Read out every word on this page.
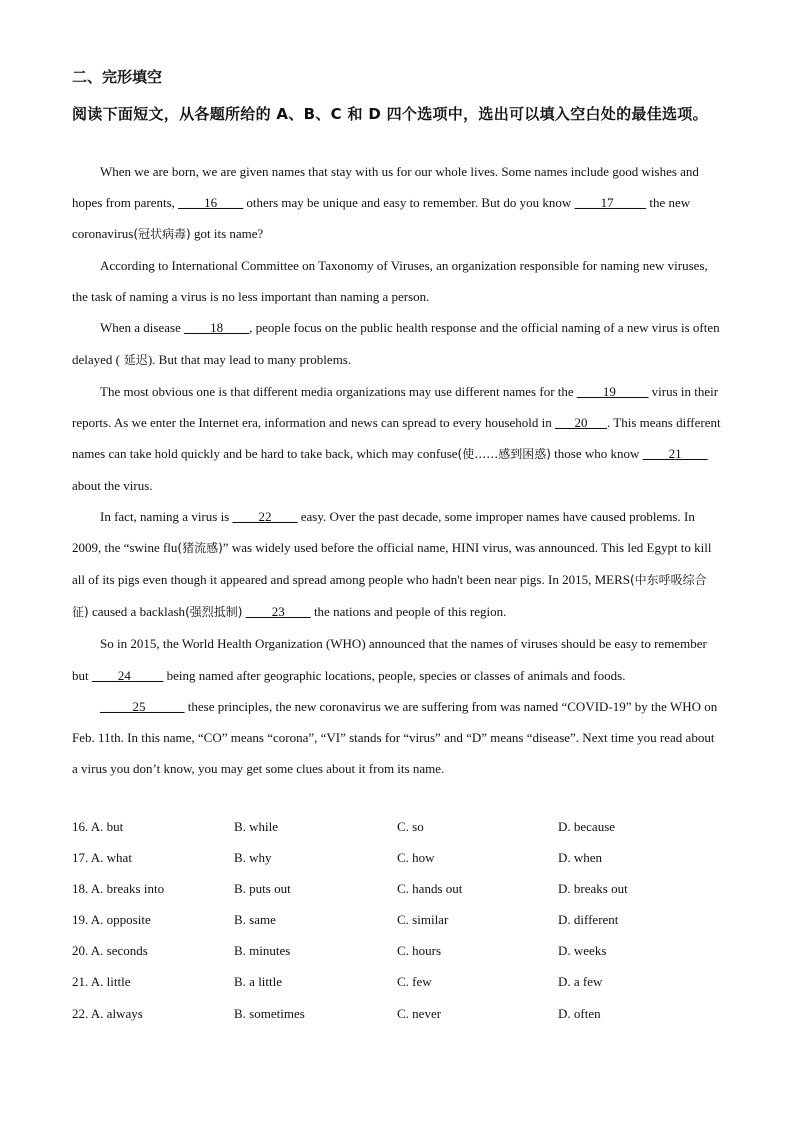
二、完形填空
阅读下面短文，从各题所给的 A、B、C 和 D 四个选项中，选出可以填入空白处的最佳选项。

When we are born, we are given names that stay with us for our whole lives. Some names include good wishes and hopes from parents, ____16____ others may be unique and easy to remember. But do you know ____17_____ the new coronavirus(冠状病毒) got its name?

According to International Committee on Taxonomy of Viruses, an organization responsible for naming new viruses, the task of naming a virus is no less important than naming a person.

When a disease ____18____, people focus on the public health response and the official naming of a new virus is often delayed ( 延迟). But that may lead to many problems.

The most obvious one is that different media organizations may use different names for the ____19_____ virus in their reports. As we enter the Internet era, information and news can spread to every household in ___20___. This means different names can take hold quickly and be hard to take back, which may confuse(使……感到困惑) those who know ____21____ about the virus.

In fact, naming a virus is ____22____ easy. Over the past decade, some improper names have caused problems. In 2009, the “swine flu(猪流感)” was widely used before the official name, HINI virus, was announced. This led Egypt to kill all of its pigs even though it appeared and spread among people who hadn't been near pigs. In 2015, MERS(中东呼吸综合征) caused a backlash(强烈抵制) ____23____ the nations and people of this region.

So in 2015, the World Health Organization (WHO) announced that the names of viruses should be easy to remember but ____24_____ being named after geographic locations, people, species or classes of animals and foods.

_____25______ these principles, the new coronavirus we are suffering from was named “COVID-19” by the WHO on Feb. 11th. In this name, “CO” means “corona”, “VI” stands for “virus” and “D” means “disease”. Next time you read about a virus you don’t know, you may get some clues about it from its name.

16. A. but	B. while	C. so	D. because
17. A. what	B. why	C. how	D. when
18. A. breaks into	B. puts out	C. hands out	D. breaks out
19. A. opposite	B. same	C. similar	D. different
20. A. seconds	B. minutes	C. hours	D. weeks
21. A. little	B. a little	C. few	D. a few
22. A. always	B. sometimes	C. never	D. often
